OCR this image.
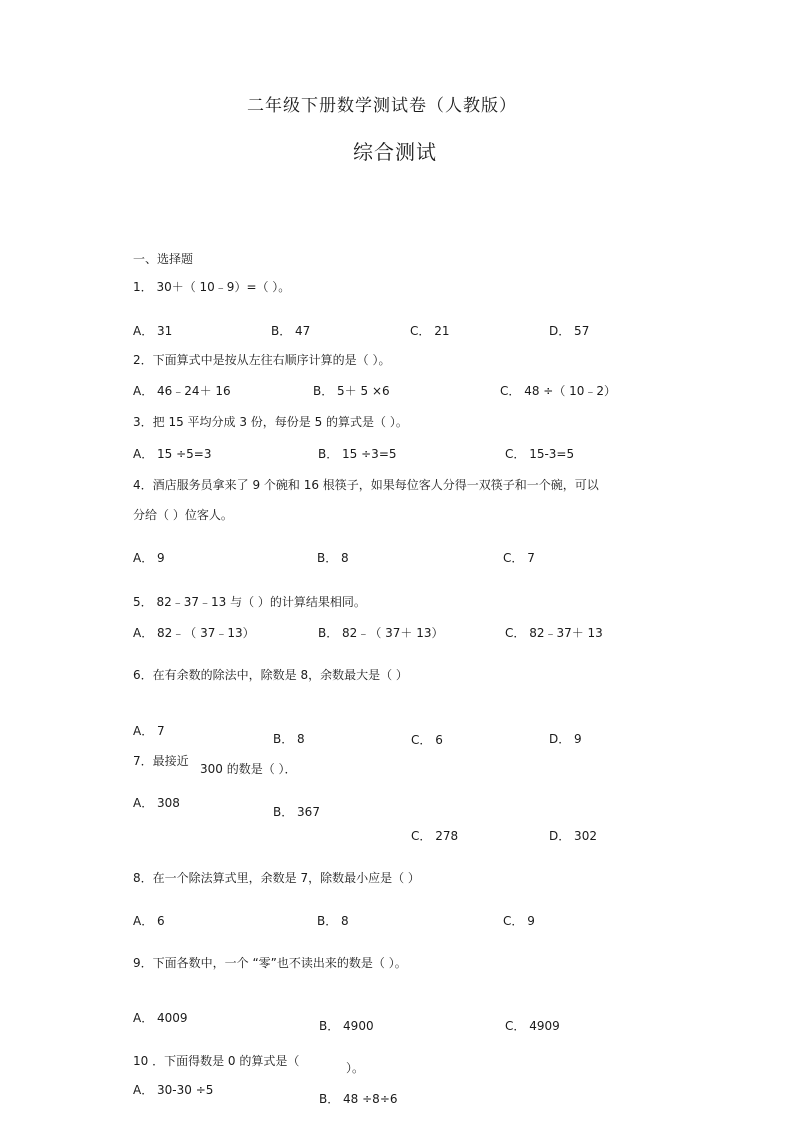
二年级下册数学测试卷（人教版）
综合测试
一、选择题
1． 30＋（ 10﹣9）=（ ）。
A． 31	B． 47	C． 21	D． 57
2．下面算式中是按从左往右顺序计算的是（ ）。
A． 46﹣24＋ 16	B． 5＋ 5 ×6	C． 48 ÷（ 10﹣2）
3．把 15 平均分成 3 份，每份是 5 的算式是（ ）。
A． 15 ÷5=3	B． 15 ÷3=5	C． 15-3=5
4．酒店服务员拿来了 9 个碗和 16 根筷子，如果每位客人分得一双筷子和一个碗，可以
分给（ ）位客人。
A． 9	B． 8	C． 7
5． 82﹣37﹣13 与（ ）的计算结果相同。
A． 82﹣（ 37﹣13）	B． 82﹣（ 37＋ 13）	C． 82﹣37＋ 13
6．在有余数的除法中，除数是 8，余数最大是（ ）
A． 7
B． 8	C． 6	D． 9
7．最接近
300 的数是（ ）．
A． 308
B． 367
C． 278	D． 302
8．在一个除法算式里，余数是 7，除数最小应是（ ）
A． 6	B． 8	C． 9
9．下面各数中，一个 “零”也不读出来的数是（ ）。
A． 4009
B． 4900	C． 4909
10 ．下面得数是 0 的算式是（	）。
A． 30-30 ÷5
B． 48 ÷8÷6
